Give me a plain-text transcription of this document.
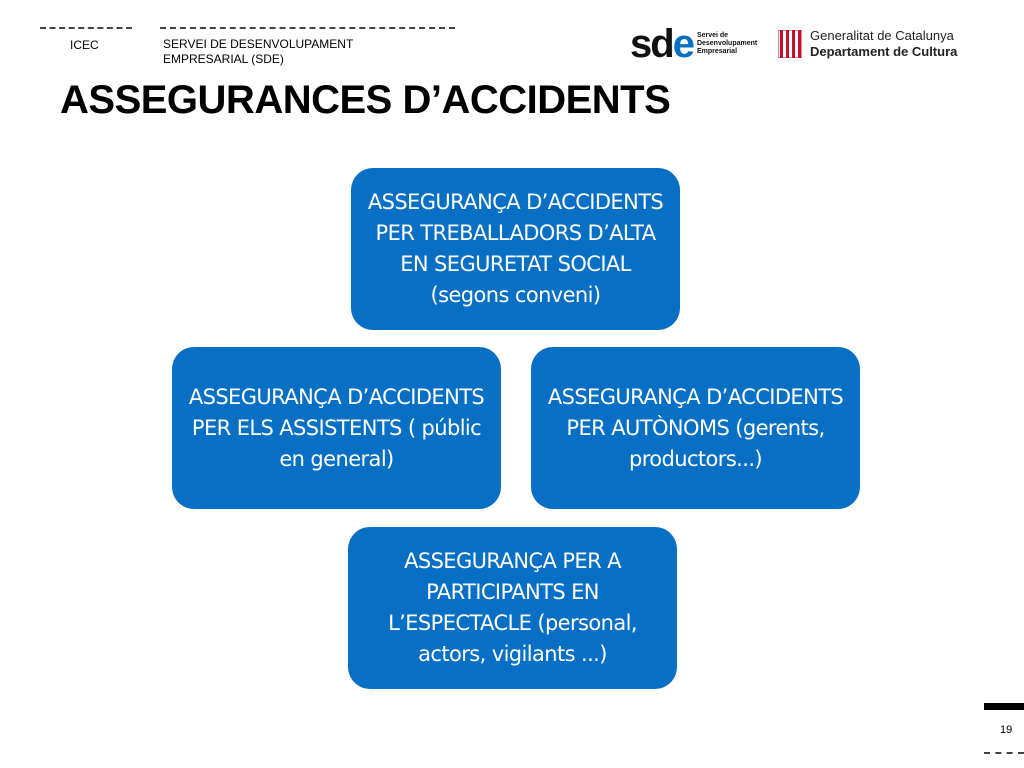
ICEC	SERVEI DE DESENVOLUPAMENT
EMPRESARIAL (SDE)	sde Servei de
Desenvolupament
Empresarial
Generalitat de Catalunya
Departament de Cultura
ASSEGURANCES D’ACCIDENTS
ASSEGURANÇA D’ACCIDENTS PER TREBALLADORS D’ALTA EN SEGURETAT SOCIAL (segons conveni)
ASSEGURANÇA D’ACCIDENTS PER ELS ASSISTENTS ( públic en general)
ASSEGURANÇA D’ACCIDENTS PER AUTÒNOMS (gerents, productors...)
ASSEGURANÇA PER A PARTICIPANTS EN L’ESPECTACLE (personal, actors, vigilants ...)
19
